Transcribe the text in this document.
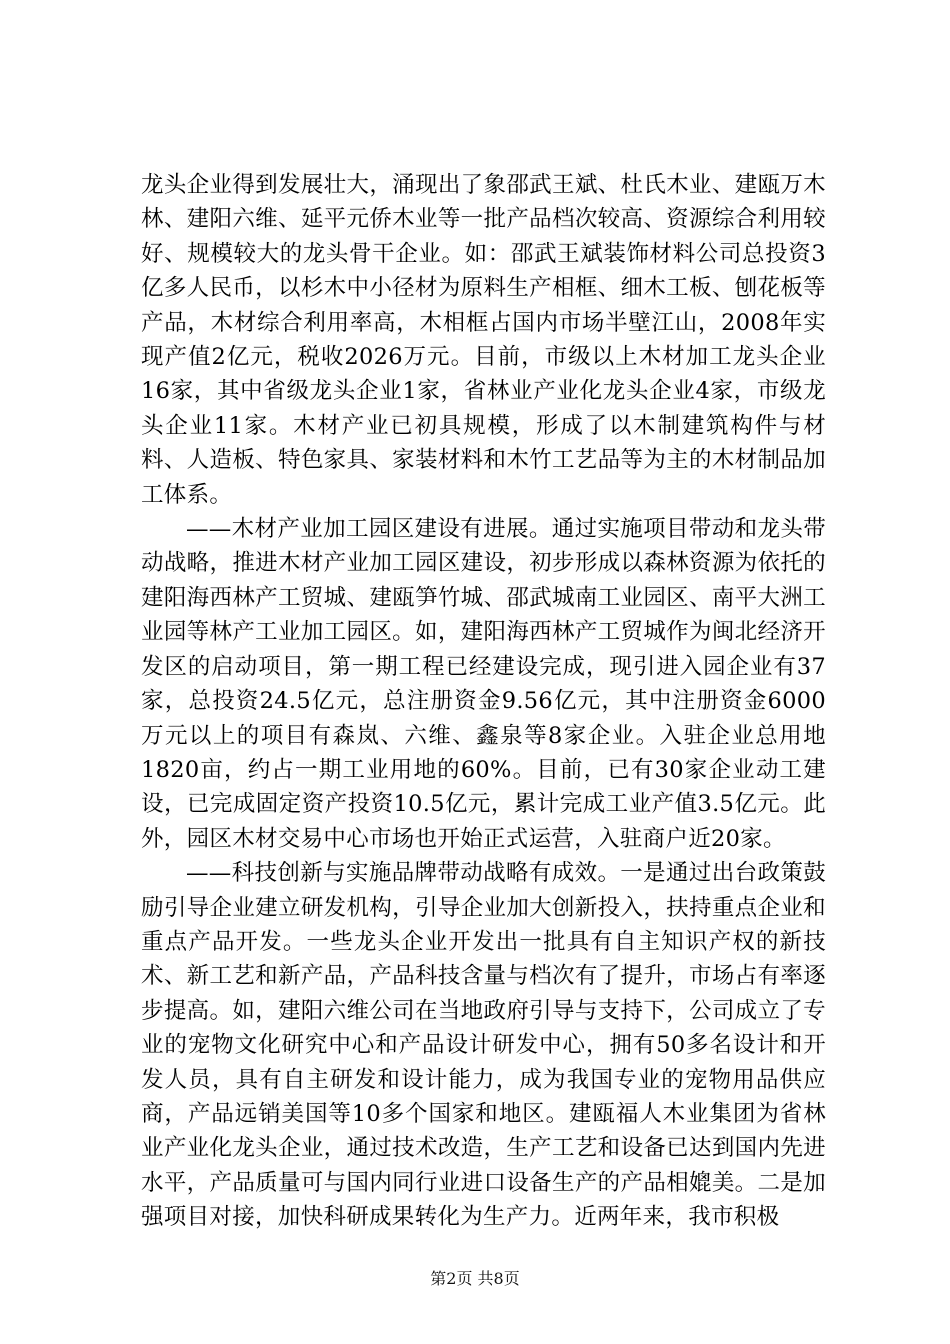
龙头企业得到发展壮大，涌现出了象邵武王斌、杜氏木业、建瓯万木林、建阳六维、延平元侨木业等一批产品档次较高、资源综合利用较好、规模较大的龙头骨干企业。如：邵武王斌装饰材料公司总投资3亿多人民币，以杉木中小径材为原料生产相框、细木工板、刨花板等产品，木材综合利用率高，木相框占国内市场半壁江山，2008年实现产值2亿元，税收2026万元。目前，市级以上木材加工龙头企业16家，其中省级龙头企业1家，省林业产业化龙头企业4家，市级龙头企业11家。木材产业已初具规模，形成了以木制建筑构件与材料、人造板、特色家具、家装材料和木竹工艺品等为主的木材制品加工体系。

——木材产业加工园区建设有进展。通过实施项目带动和龙头带动战略，推进木材产业加工园区建设，初步形成以森林资源为依托的建阳海西林产工贸城、建瓯笋竹城、邵武城南工业园区、南平大洲工业园等林产工业加工园区。如，建阳海西林产工贸城作为闽北经济开发区的启动项目，第一期工程已经建设完成，现引进入园企业有37家，总投资24.5亿元，总注册资金9.56亿元，其中注册资金6000万元以上的项目有森岚、六维、鑫泉等8家企业。入驻企业总用地1820亩，约占一期工业用地的60%。目前，已有30家企业动工建设，已完成固定资产投资10.5亿元，累计完成工业产值3.5亿元。此外，园区木材交易中心市场也开始正式运营，入驻商户近20家。

——科技创新与实施品牌带动战略有成效。一是通过出台政策鼓励引导企业建立研发机构，引导企业加大创新投入，扶持重点企业和重点产品开发。一些龙头企业开发出一批具有自主知识产权的新技术、新工艺和新产品，产品科技含量与档次有了提升，市场占有率逐步提高。如，建阳六维公司在当地政府引导与支持下，公司成立了专业的宠物文化研究中心和产品设计研发中心，拥有50多名设计和开发人员，具有自主研发和设计能力，成为我国专业的宠物用品供应商，产品远销美国等10多个国家和地区。建瓯福人木业集团为省林业产业化龙头企业，通过技术改造，生产工艺和设备已达到国内先进水平，产品质量可与国内同行业进口设备生产的产品相媲美。二是加强项目对接，加快科研成果转化为生产力。近两年来，我市积极

第2页 共8页
